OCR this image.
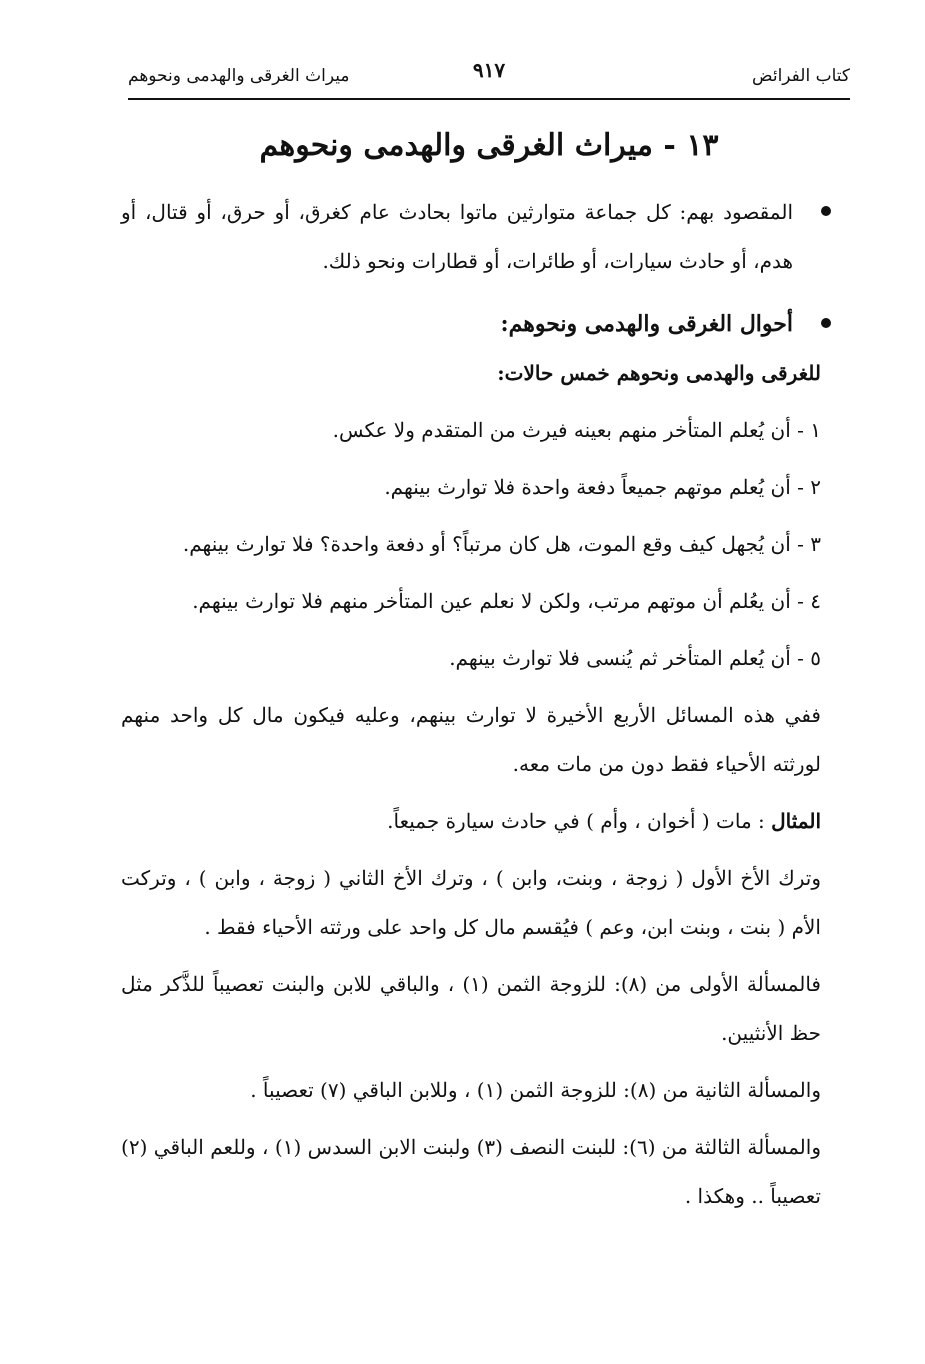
كتاب الفرائض
٩١٧
ميراث الغرقى والهدمى ونحوهم
١٣ - ميراث الغرقى والهدمى ونحوهم

المقصود بهم: كل جماعة متوارثين ماتوا بحادث عام كغرق، أو حرق، أو قتال، أو هدم، أو حادث سيارات، أو طائرات، أو قطارات ونحو ذلك.

أحوال الغرقى والهدمى ونحوهم:

للغرقى والهدمى ونحوهم خمس حالات:

١ - أن يُعلم المتأخر منهم بعينه فيرث من المتقدم ولا عكس.

٢ - أن يُعلم موتهم جميعاً دفعة واحدة فلا توارث بينهم.

٣ - أن يُجهل كيف وقع الموت، هل كان مرتباً؟ أو دفعة واحدة؟ فلا توارث بينهم.

٤ - أن يعُلم أن موتهم مرتب، ولكن لا نعلم عين المتأخر منهم فلا توارث بينهم.

٥ - أن يُعلم المتأخر ثم يُنسى فلا توارث بينهم.

ففي هذه المسائل الأربع الأخيرة لا توارث بينهم، وعليه فيكون مال كل واحد منهم لورثته الأحياء فقط دون من مات معه.

المثال : مات ( أخوان ، وأم ) في حادث سيارة جميعاً.

وترك الأخ الأول ( زوجة ، وبنت، وابن ) ، وترك الأخ الثاني ( زوجة ، وابن ) ، وتركت الأم ( بنت ، وبنت ابن، وعم ) فيُقسم مال كل واحد على ورثته الأحياء فقط .

فالمسألة الأولى من (٨): للزوجة الثمن (١) ، والباقي للابن والبنت تعصيباً للذَّكر مثل حظ الأنثيين.

والمسألة الثانية من (٨): للزوجة الثمن (١) ، وللابن الباقي (٧) تعصيباً .

والمسألة الثالثة من (٦): للبنت النصف (٣) ولبنت الابن السدس (١) ، وللعم الباقي (٢) تعصيباً .. وهكذا .
